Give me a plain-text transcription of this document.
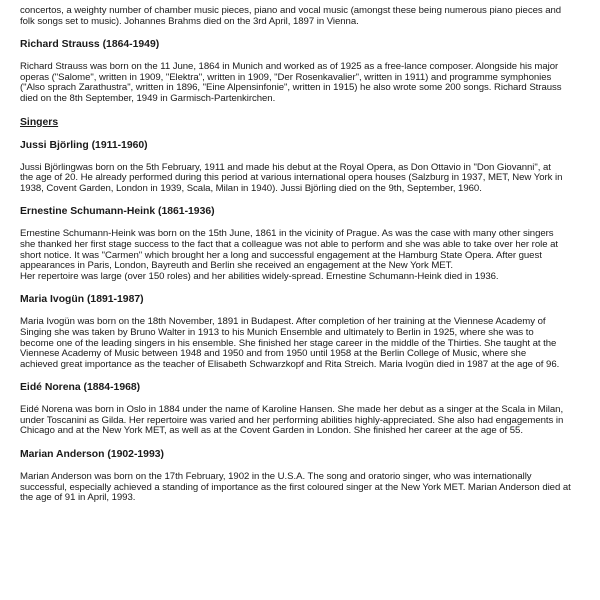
concertos, a weighty number of chamber music pieces, piano and vocal music (amongst these being numerous piano pieces and
folk songs set to music). Johannes Brahms died on the 3rd April, 1897 in Vienna.

Richard Strauss (1864-1949)

Richard Strauss was born on the 11 June, 1864 in Munich and worked as of 1925 as a free-lance composer. Alongside his major
operas ("Salome", written in 1909, "Elektra", written in 1909, "Der Rosenkavalier", written in 1911) and programme symphonies
("Also sprach Zarathustra", written in 1896, "Eine Alpensinfonie", written in 1915) he also wrote some 200 songs. Richard Strauss
died on the 8th September, 1949 in Garmisch-Partenkirchen.

Singers

Jussi Björling (1911-1960)

Jussi Björlingwas born on the 5th February, 1911 and made his debut at the Royal Opera, as Don Ottavio in "Don Giovanni", at
the age of 20. He already performed during this period at various international opera houses (Salzburg in 1937, MET, New York in
1938, Covent Garden, London in 1939, Scala, Milan in 1940). Jussi Björling died on the 9th, September, 1960.

Ernestine Schumann-Heink (1861-1936)

Ernestine Schumann-Heink was born on the 15th June, 1861 in the vicinity of Prague. As was the case with many other singers
she thanked her first stage success to the fact that a colleague was not able to perform and she was able to take over her role at
short notice. It was "Carmen" which brought her a long and successful engagement at the Hamburg State Opera. After guest
appearances in Paris, London, Bayreuth and Berlin she received an engagement at the New York MET.
Her repertoire was large (over 150 roles) and her abilities widely-spread. Ernestine Schumann-Heink died in 1936.

Maria Ivogün (1891-1987)

Maria Ivogün was born on the 18th November, 1891 in Budapest. After completion of her training at the Viennese Academy of
Singing she was taken by Bruno Walter in 1913 to his Munich Ensemble and ultimately to Berlin in 1925, where she was to
become one of the leading singers in his ensemble. She finished her stage career in the middle of the Thirties. She taught at the
Viennese Academy of Music between 1948 and 1950 and from 1950 until 1958 at the Berlin College of Music, where she
achieved great importance as the teacher of Elisabeth Schwarzkopf and Rita Streich. Maria Ivogün died in 1987 at the age of 96.

Eidé Norena (1884-1968)

Eidé Norena was born in Oslo in 1884 under the name of Karoline Hansen. She made her debut as a singer at the Scala in Milan,
under Toscanini as Gilda. Her repertoire was varied and her performing abilities highly-appreciated. She also had engagements in
Chicago and at the New York MET, as well as at the Covent Garden in London. She finished her career at the age of 55.

Marian Anderson (1902-1993)

Marian Anderson was born on the 17th February, 1902 in the U.S.A. The song and oratorio singer, who was internationally
successful, especially achieved a standing of importance as the first coloured singer at the New York MET. Marian Anderson died at
the age of 91 in April, 1993.
